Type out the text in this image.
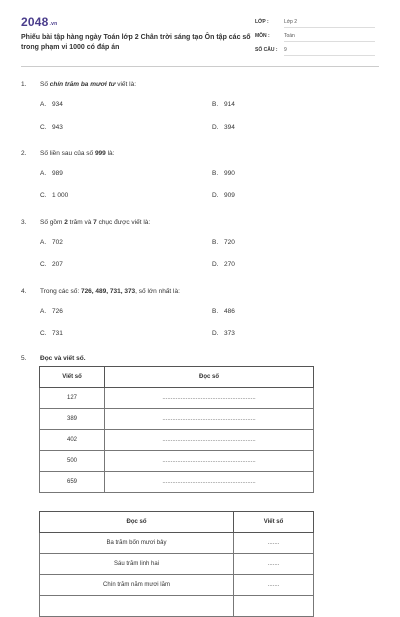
2048.vn
Phiếu bài tập hàng ngày Toán lớp 2 Chân trời sáng tạo Ôn tập các số trong phạm vi 1000 có đáp án
LỚP :	Lớp 2
MÔN :	Toán
SỐ CÂU : 9
1. Số chín trăm ba mươi tư viết là:
A. 934	B. 914
C. 943	D. 394
2. Số liền sau của số 999 là:
A. 989	B. 990
C. 1 000	D. 909
3. Số gồm 2 trăm và 7 chục được viết là:
A. 702	B. 720
C. 207	D. 270
4. Trong các số: 726, 489, 731, 373, số lớn nhất là:
A. 726	B. 486
C. 731	D. 373
5. Đọc và viết số.
Viết số	Đọc số
127	........................................................
389	........................................................
402	........................................................
500	........................................................
659	........................................................
Đọc số	Viết số
Ba trăm bốn mươi bảy	.......
Sáu trăm linh hai	.......
Chín trăm năm mươi lăm	.......
